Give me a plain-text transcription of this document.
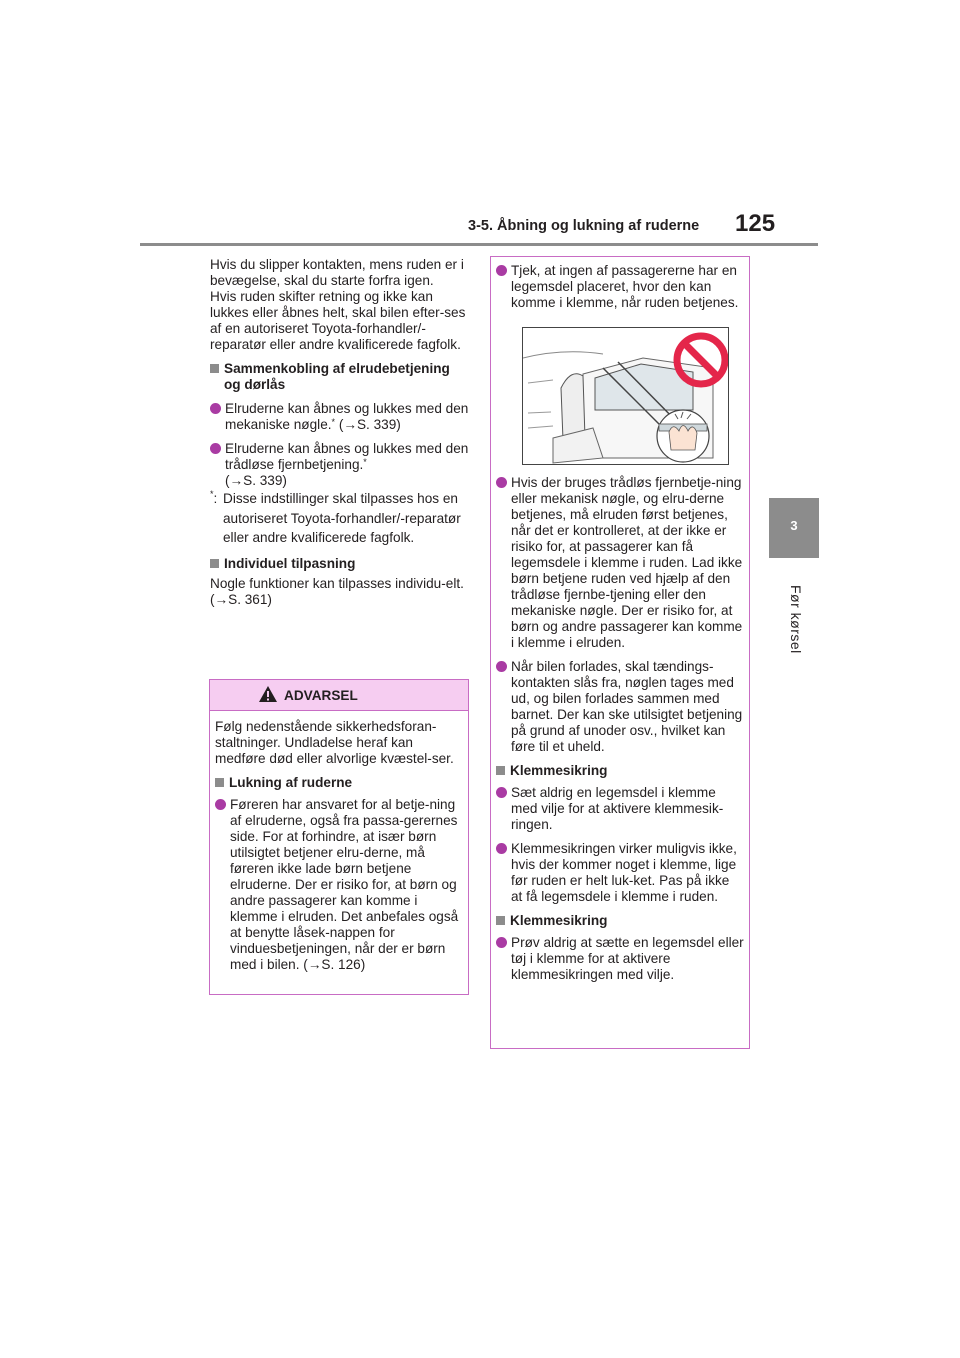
3-5. Åbning og lukning af ruderne 125
3
Før kørsel
Hvis du slipper kontakten, mens ruden er i bevægelse, skal du starte forfra igen.
Hvis ruden skifter retning og ikke kan lukkes eller åbnes helt, skal bilen efter-ses af en autoriseret Toyota-forhandler/-reparatør eller andre kvalificerede fagfolk.
Sammenkobling af elrudebetjening og dørlås
Elruderne kan åbnes og lukkes med den mekaniske nøgle.* (→S. 339)
Elruderne kan åbnes og lukkes med den trådløse fjernbetjening.*
(→S. 339)
*: Disse indstillinger skal tilpasses hos en autoriseret Toyota-forhandler/-reparatør eller andre kvalificerede fagfolk.
Individuel tilpasning
Nogle funktioner kan tilpasses individu-elt. (→S. 361)
ADVARSEL
Følg nedenstående sikkerhedsforan-staltninger. Undladelse heraf kan medføre død eller alvorlige kvæstel-ser.
Lukning af ruderne
Føreren har ansvaret for al betje-ning af elruderne, også fra passa-gerernes side. For at forhindre, at især børn utilsigtet betjener elru-derne, må føreren ikke lade børn betjene elruderne. Der er risiko for, at børn og andre passagerer kan komme i klemme i elruden. Det anbefales også at benytte låsek-nappen for vinduesbetjeningen, når der er børn med i bilen. (→S. 126)
Tjek, at ingen af passagererne har en legemsdel placeret, hvor den kan komme i klemme, når ruden betjenes.
Hvis der bruges trådløs fjernbetje-ning eller mekanisk nøgle, og elru-derne betjenes, må elruden først betjenes, når det er kontrolleret, at der ikke er risiko for, at passagerer kan få legemsdele i klemme i ruden. Lad ikke børn betjene ruden ved hjælp af den trådløse fjernbe-tjening eller den mekaniske nøgle. Der er risiko for, at børn og andre passagerer kan komme i klemme i elruden.
Når bilen forlades, skal tændings-kontakten slås fra, nøglen tages med ud, og bilen forlades sammen med barnet. Der kan ske utilsigtet betjening på grund af unoder osv., hvilket kan føre til et uheld.
Klemmesikring
Sæt aldrig en legemsdel i klemme med vilje for at aktivere klemmesik-ringen.
Klemmesikringen virker muligvis ikke, hvis der kommer noget i klemme, lige før ruden er helt luk-ket. Pas på ikke at få legemsdele i klemme i ruden.
Klemmesikring
Prøv aldrig at sætte en legemsdel eller tøj i klemme for at aktivere klemmesikringen med vilje.
